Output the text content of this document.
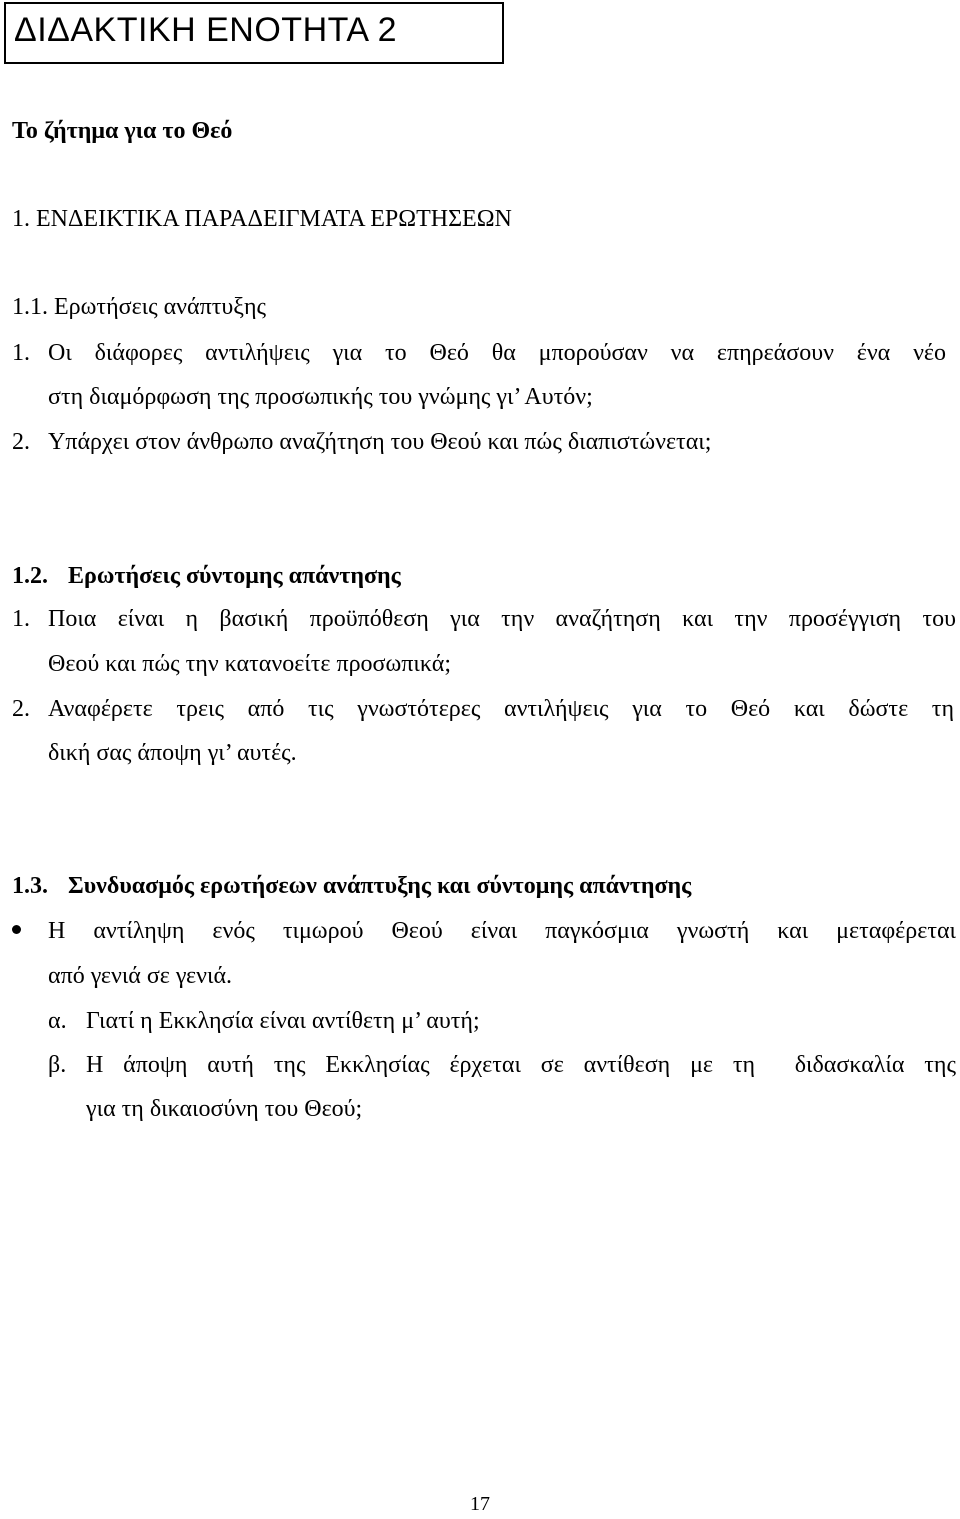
ΔΙΔΑΚΤΙΚΗ ΕΝΟΤΗΤΑ 2
Το ζήτημα για το Θεό
1. ΕΝΔΕΙΚΤΙΚΑ ΠΑΡΑΔΕΙΓΜΑΤΑ ΕΡΩΤΗΣΕΩΝ
1.1. Ερωτήσεις ανάπτυξης
1. Οι διάφορες αντιλήψεις για το Θεό θα μπορούσαν να επηρεάσουν ένα νέο
στη διαμόρφωση της προσωπικής του γνώμης γι’ Αυτόν;
2. Υπάρχει στον άνθρωπο αναζήτηση του Θεού και πώς διαπιστώνεται;
1.2. Ερωτήσεις σύντομης απάντησης
1. Ποια είναι η βασική προϋπόθεση για την αναζήτηση και την προσέγγιση του
Θεού και πώς την κατανοείτε προσωπικά;
2. Αναφέρετε τρεις από τις γνωστότερες αντιλήψεις για το Θεό και δώστε τη
δική σας άποψη γι’ αυτές.
1.3. Συνδυασμός ερωτήσεων ανάπτυξης και σύντομης απάντησης
Η αντίληψη ενός τιμωρού Θεού είναι παγκόσμια γνωστή και μεταφέρεται
από γενιά σε γενιά.
α. Γιατί η Εκκλησία είναι αντίθετη μ’ αυτή;
β. Η άποψη αυτή της Εκκλησίας έρχεται σε αντίθεση με τη  διδασκαλία της
για τη δικαιοσύνη του Θεού;
17
